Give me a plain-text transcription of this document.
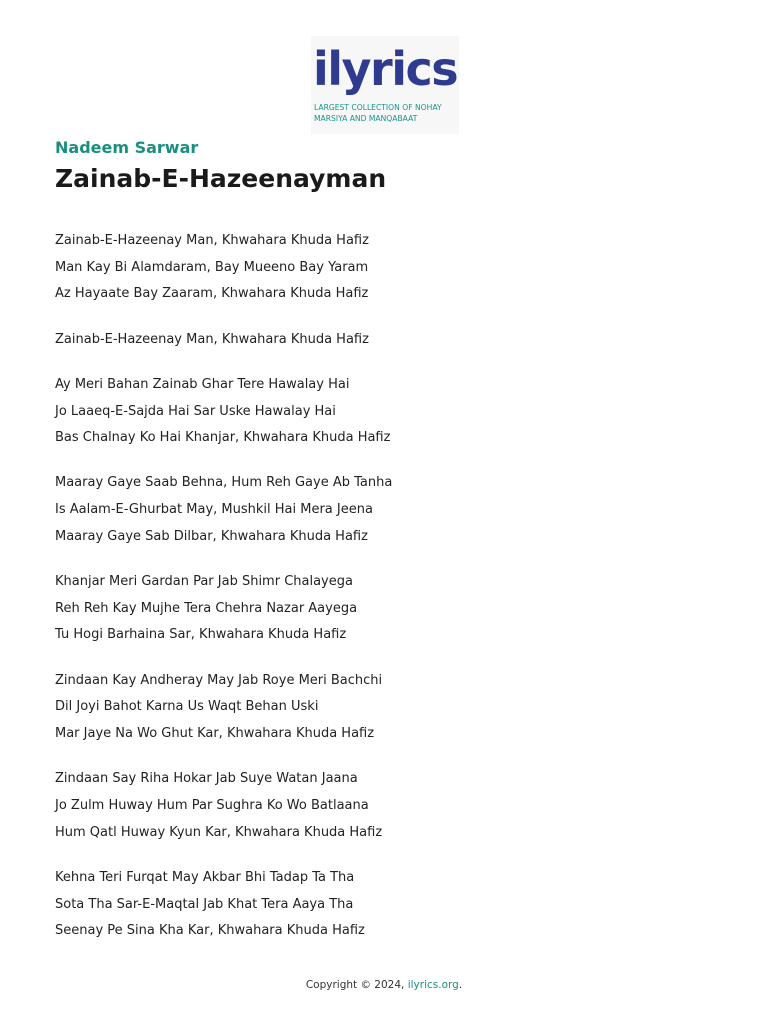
ilyrics
LARGEST COLLECTION OF NOHAY
MARSIYA AND MANQABAAT
Nadeem Sarwar
Zainab-E-Hazeenayman
Zainab-E-Hazeenay Man, Khwahara Khuda Hafiz
Man Kay Bi Alamdaram, Bay Mueeno Bay Yaram
Az Hayaate Bay Zaaram, Khwahara Khuda Hafiz
Zainab-E-Hazeenay Man, Khwahara Khuda Hafiz
Ay Meri Bahan Zainab Ghar Tere Hawalay Hai
Jo Laaeq-E-Sajda Hai Sar Uske Hawalay Hai
Bas Chalnay Ko Hai Khanjar, Khwahara Khuda Hafiz
Maaray Gaye Saab Behna, Hum Reh Gaye Ab Tanha
Is Aalam-E-Ghurbat May, Mushkil Hai Mera Jeena
Maaray Gaye Sab Dilbar, Khwahara Khuda Hafiz
Khanjar Meri Gardan Par Jab Shimr Chalayega
Reh Reh Kay Mujhe Tera Chehra Nazar Aayega
Tu Hogi Barhaina Sar, Khwahara Khuda Hafiz
Zindaan Kay Andheray May Jab Roye Meri Bachchi
Dil Joyi Bahot Karna Us Waqt Behan Uski
Mar Jaye Na Wo Ghut Kar, Khwahara Khuda Hafiz
Zindaan Say Riha Hokar Jab Suye Watan Jaana
Jo Zulm Huway Hum Par Sughra Ko Wo Batlaana
Hum Qatl Huway Kyun Kar, Khwahara Khuda Hafiz
Kehna Teri Furqat May Akbar Bhi Tadap Ta Tha
Sota Tha Sar-E-Maqtal Jab Khat Tera Aaya Tha
Seenay Pe Sina Kha Kar, Khwahara Khuda Hafiz
Copyright © 2024, ilyrics.org.
